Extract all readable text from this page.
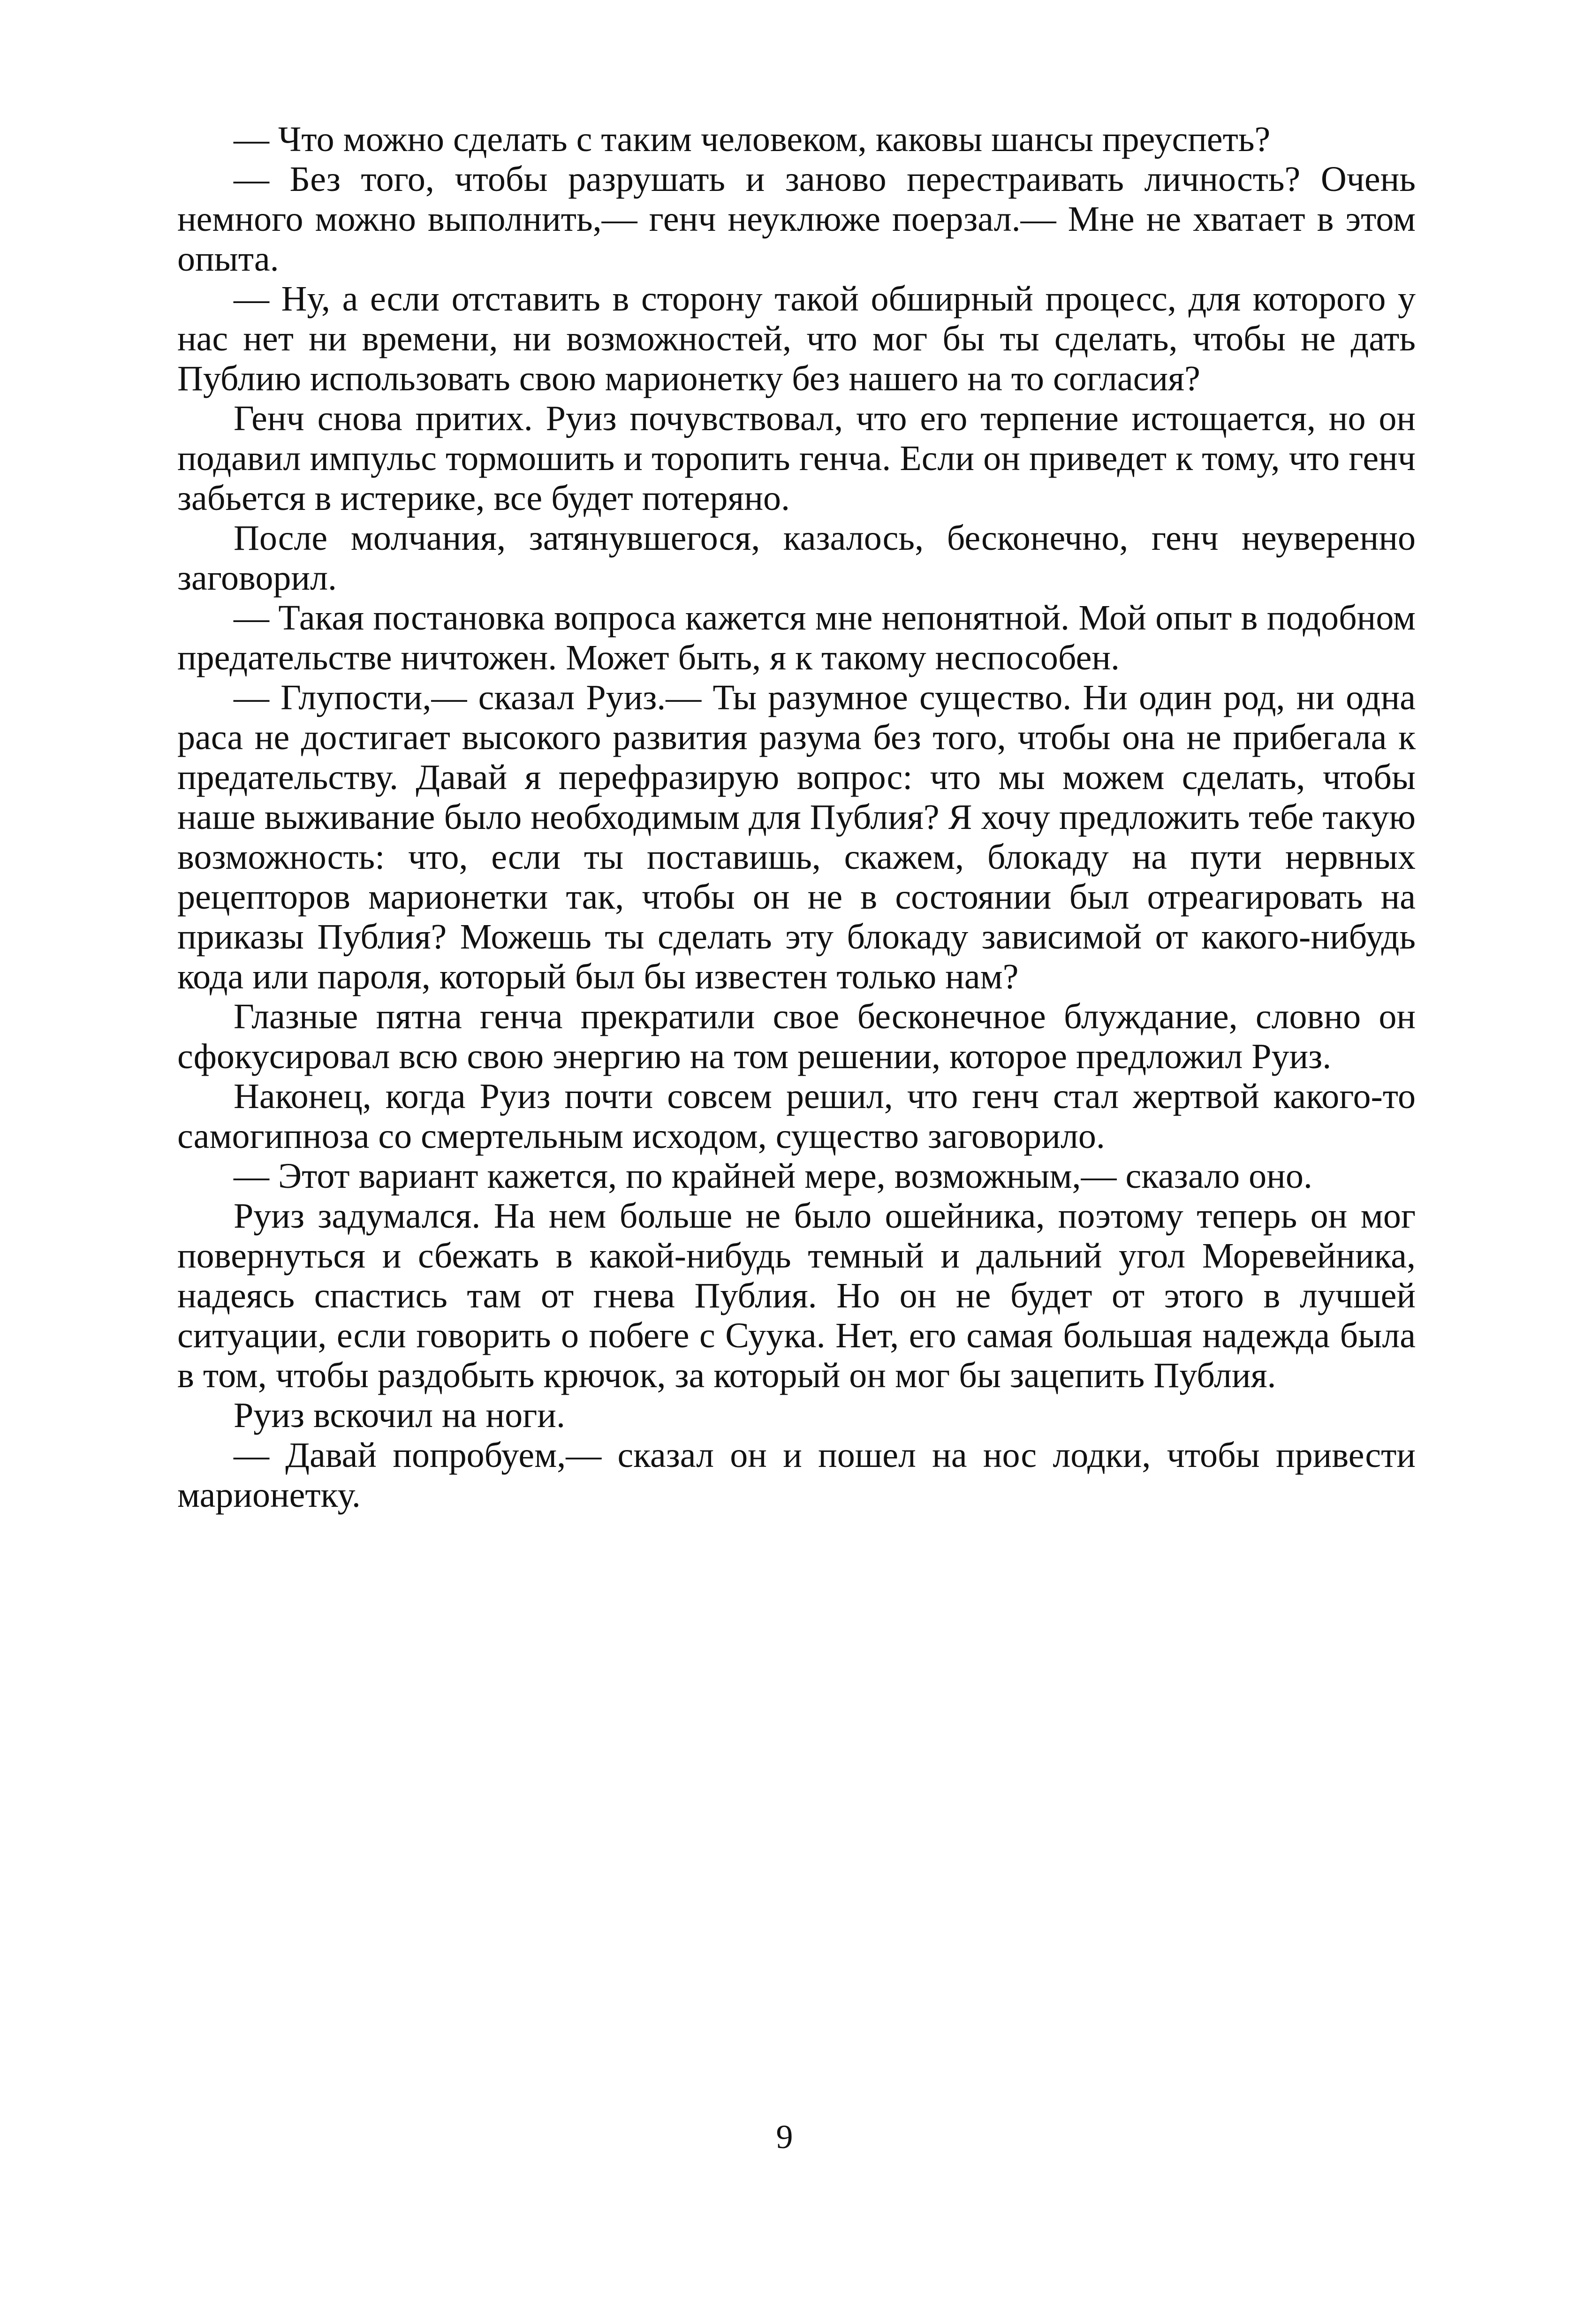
— Что можно сделать с таким человеком, каковы шансы преуспеть?

— Без того, чтобы разрушать и заново перестраивать личность? Очень немного можно выполнить,— генч неуклюже поерзал.— Мне не хватает в этом опыта.

— Ну, а если отставить в сторону такой обширный процесс, для которого у нас нет ни времени, ни возможностей, что мог бы ты сделать, чтобы не дать Публию использовать свою марионетку без нашего на то согласия?

Генч снова притих. Руиз почувствовал, что его терпение истощается, но он подавил импульс тормошить и торопить генча. Если он приведет к тому, что генч забьется в истерике, все будет потеряно.

После молчания, затянувшегося, казалось, бесконечно, генч неуверенно заговорил.

— Такая постановка вопроса кажется мне непонятной. Мой опыт в подобном предательстве ничтожен. Может быть, я к такому неспособен.

— Глупости,— сказал Руиз.— Ты разумное существо. Ни один род, ни одна раса не достигает высокого развития разума без того, чтобы она не прибегала к предательству. Давай я перефразирую вопрос: что мы можем сделать, чтобы наше выживание было необходимым для Публия? Я хочу предложить тебе такую возможность: что, если ты поставишь, скажем, блокаду на пути нервных рецепторов марионетки так, чтобы он не в состоянии был отреагировать на приказы Публия? Можешь ты сделать эту блокаду зависимой от какого-нибудь кода или пароля, который был бы известен только нам?

Глазные пятна генча прекратили свое бесконечное блуждание, словно он сфокусировал всю свою энергию на том решении, которое предложил Руиз.

Наконец, когда Руиз почти совсем решил, что генч стал жертвой какого-то самогипноза со смертельным исходом, существо заговорило.

— Этот вариант кажется, по крайней мере, возможным,— сказало оно.

Руиз задумался. На нем больше не было ошейника, поэтому теперь он мог повернуться и сбежать в какой-нибудь темный и дальний угол Моревейника, надеясь спастись там от гнева Публия. Но он не будет от этого в лучшей ситуации, если говорить о побеге с Суука. Нет, его самая большая надежда была в том, чтобы раздобыть крючок, за который он мог бы зацепить Публия.

Руиз вскочил на ноги.

— Давай попробуем,— сказал он и пошел на нос лодки, чтобы привести марионетку.

9
